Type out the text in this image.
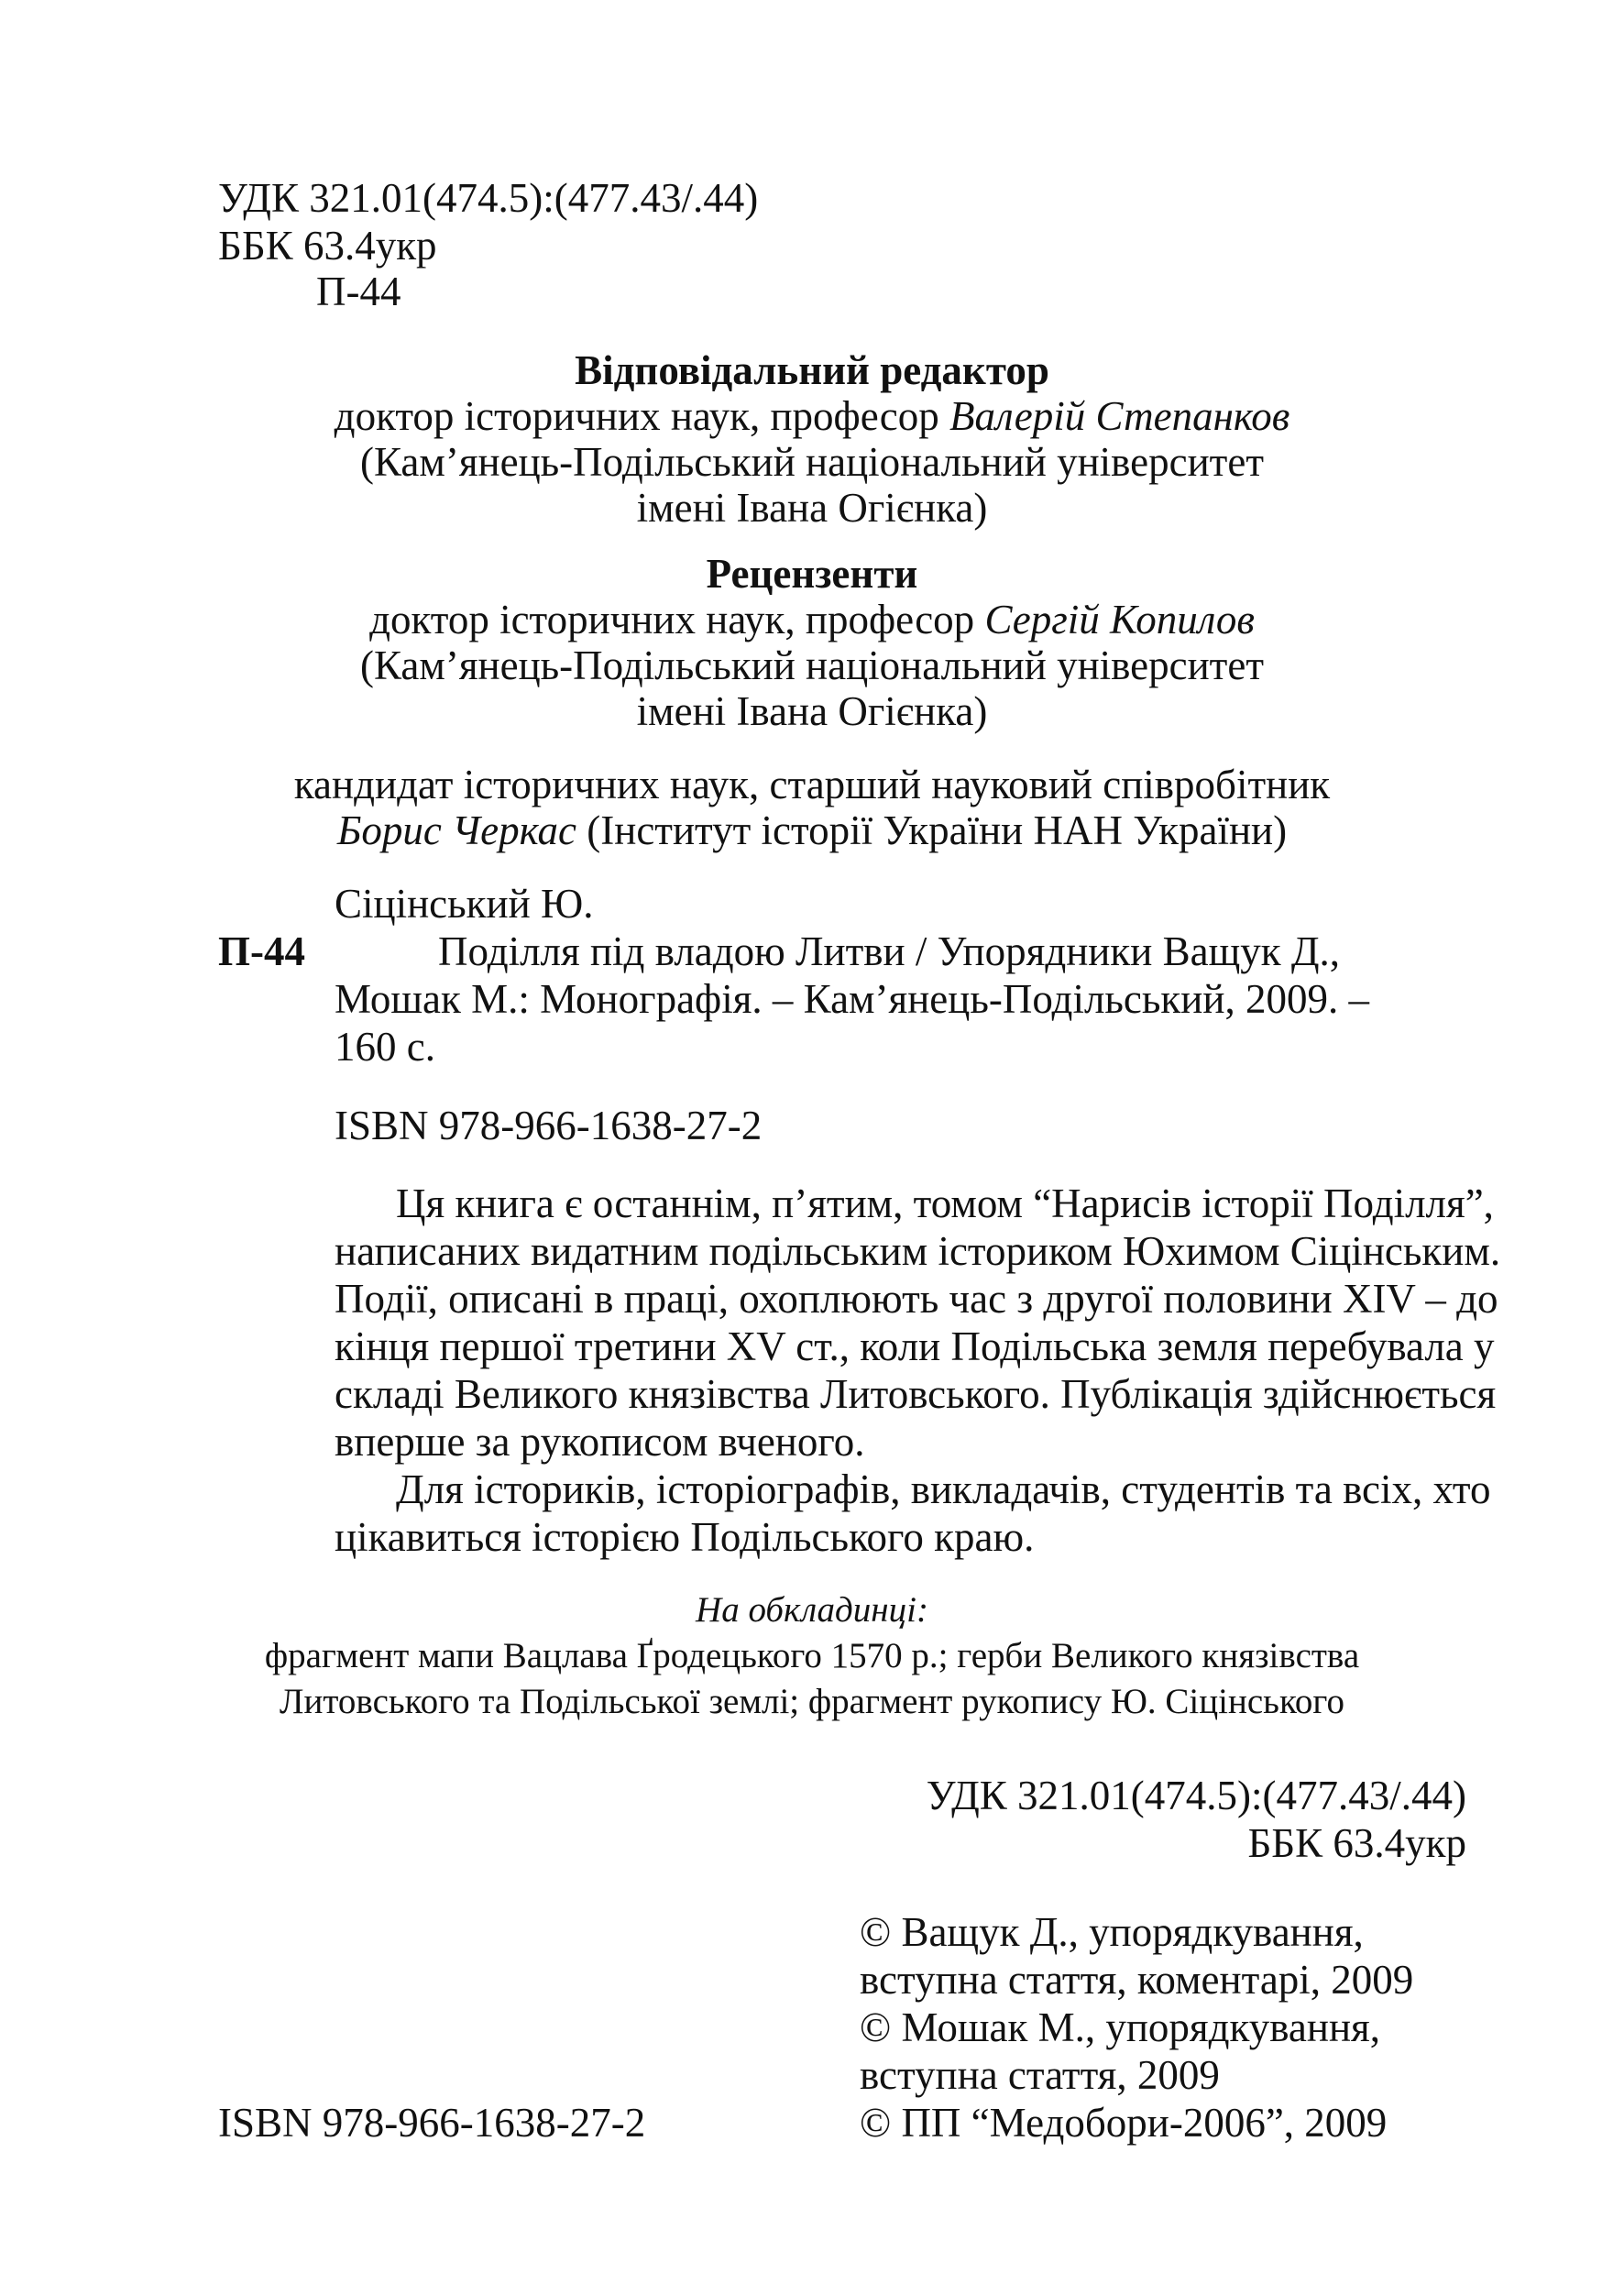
УДК 321.01(474.5):(477.43/.44)
ББК 63.4укр
П-44
Відповідальний редактор
доктор історичних наук, професор Валерій Степанков
(Кам’янець-Подільський національний університет
імені Івана Огієнка)
Рецензенти
доктор історичних наук, професор Сергій Копилов
(Кам’янець-Подільський національний університет
імені Івана Огієнка)
кандидат історичних наук, старший науковий співробітник
Борис Черкас (Інститут історії України НАН України)
Сіцінський Ю.
П-44	Поділля під владою Литви / Упорядники Ващук Д.,
Мошак М.: Монографія. – Кам’янець-Подільський, 2009. –
160 с.
ISBN 978-966-1638-27-2
Ця книга є останнім, п’ятим, томом “Нарисів історії Поділля”,
написаних видатним подільським істориком Юхимом Сіцінським.
Події, описані в праці, охоплюють час з другої половини XIV – до
кінця першої третини XV ст., коли Подільська земля перебувала у
складі Великого князівства Литовського. Публікація здійснюється
вперше за рукописом вченого.
Для істориків, історіографів, викладачів, студентів та всіх, хто
цікавиться історією Подільського краю.
На обкладинці:
фрагмент мапи Вацлава Ґродецького 1570 р.; герби Великого князівства
Литовського та Подільської землі; фрагмент рукопису Ю. Сіцінського
УДК 321.01(474.5):(477.43/.44)
ББК 63.4укр
© Ващук Д., упорядкування,
вступна стаття, коментарі, 2009
© Мошак М., упорядкування,
вступна стаття, 2009
© ПП “Медобори-2006”, 2009
ISBN 978-966-1638-27-2
